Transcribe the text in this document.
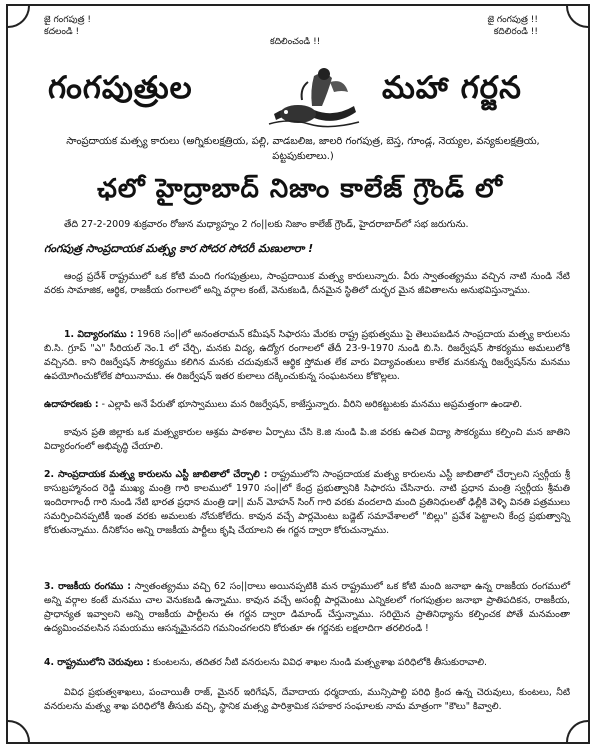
జై గంగపుత్ర !
కదలండి !
కదిలించండి !!
జై గంగపుత్ర !!
కదిలిరండి !!
గంగపుత్రుల	మహా గర్జన
సాంప్రదాయక మత్స్య కారులు (అగ్నికులక్షత్రియ, పల్లి, వాడబలిజ, జాలరి గంగపుత్ర, బెస్త, గూండ్ల, నెయ్యల, వన్యకులక్షత్రియ, పట్టపుకులాలు.)
ఛలో హైద్రాబాద్ నిజాం కాలేజ్ గ్రౌండ్ లో
తేది 27-2-2009 శుక్రవారం రోజున మధ్యాహ్నం 2 గం||లకు నిజాం కాలేజ్ గ్రౌండ్, హైదరాబాద్‌లో సభ జరుగును.
గంగపుత్ర సాంప్రదాయక మత్స్య కార సోదర సోదరీ మణులారా !
ఆంధ్ర ప్రదేశ్ రాష్ట్రములో ఒక కోటి మంది గంగపుత్రులు, సాంప్రదాయిక మత్స్య కారులున్నారు. వీరు స్వాతంత్య్రము వచ్చిన నాటి నుండి నేటి వరకు సామాజిక, ఆర్థిక, రాజకీయ రంగాలలో అన్ని వర్గాల కంటే, వెనుకబడి, దీనమైన స్థితిలో దుర్భర మైన జీవితాలను అనుభవిస్తున్నాము.
1. విద్యారంగము : 1968 సం||లో అనంతరామన్ కమీషన్ సిఫారసు మేరకు రాష్ట్ర ప్రభుత్వము పై తెలుపబడిన సాంప్రదాయ మత్స్య కారులను బి.సి. గ్రూప్ "ఎ" సీరియల్ నెం.1 లో చేర్చి, మనకు విద్య, ఉద్యోగ రంగాలలో తేదీ 23-9-1970 నుండి బి.సి. రిజర్వేషన్ సౌకర్యము అమలులోకి వచ్చినది. కాని రిజర్వేషన్ సౌకర్యము కలిగిన మనకు చదువుకునే ఆర్థిక స్తోమత లేక వారు విద్యావంతులు కాలేక మనకున్న రిజర్వేషన్‌ను మనము ఉపయోగించుకోలేక పోయినాము. ఈ రిజర్వేషన్ ఇతర కులాలు దక్కించుకున్న సంఘటనలు కోకొల్లలు.
ఉదాహరణకు : - ఎల్లాపి అనే పేరుతో భూస్వాములు మన రిజర్వేషన్, కాజేస్తున్నారు. వీరిని అరికట్టుటకు మనము అప్రమత్తంగా ఉండాలి.
కావున ప్రతి జిల్లాకు ఒక మత్స్యకారుల ఆశ్రమ పాఠశాల ఏర్పాటు చేసి కె.జి నుండి పి.జి వరకు ఉచిత విద్యా సౌకర్యము కల్పించి మన జాతిని విద్యారంగంలో అభివృద్ధి చేయాలి.
2. సాంప్రదాయక మత్స్య కారులను ఎస్టీ జాబితాలో చేర్చాలి : రాష్ట్రములోని సాంప్రదాయక మత్స్య కారులను ఎస్టీ జాబితాలో చేర్చాలని స్వర్గీయ శ్రీ కాసుబ్రహ్మానంద రెడ్డి ముఖ్య మంత్రి గారి కాలములో 1970 సం||లో కేంద్ర ప్రభుత్వానికి సిఫారసు చేసినారు. నాటి ప్రధాన మంత్రి స్వర్గీయ శ్రీమతి ఇందిరాగాంధీ గారి నుండి నేటి భారత ప్రధాన మంత్రి డా|| మన్ మోహన్ సింగ్ గారి వరకు వందలాది మంది ప్రతినిధులతో ఢిల్లీకి వెళ్ళి వినతి పత్రములు సమర్పించినప్పటికీ ఇంత వరకు అమలుకు నోచుకోలేదు. కావున వచ్చే పార్లమెంటు బడ్జెట్ సమావేశాలలో "బిల్లు" ప్రవేశ పెట్టాలని కేంద్ర ప్రభుత్వాన్ని కోరుతున్నాము. దీనికోసం అన్ని రాజకీయ పార్టీలు కృషి చేయాలని ఈ గర్జన ద్వారా కోరుచున్నాము.
3. రాజకీయ రంగము : స్వాతంత్య్రము వచ్చి 62 సం||రాలు అయినప్పటికి మన రాష్ట్రములో ఒక కోటి మంది జనాభా ఉన్న రాజకీయ రంగములో అన్ని వర్గాల కంటే మనము చాల వెనుకబడి ఉన్నాము. కావున వచ్చే అసంబ్లీ పార్లమెంటు ఎన్నికలలో గంగపుత్రుల జనాభా ప్రాతిపదికన, రాజకీయ, ప్రాధాన్యత ఇవ్వాలని అన్ని రాజకీయ పార్టీలను ఈ గర్జన ద్వారా డిమాండ్ చేస్తున్నాము. సరియైన ప్రాతినిధ్యాను కల్పించక పోతే మనమంతా ఉద్యమించవలసిన సమయము ఆసన్నమైనదని గమనించగలరని కోరుతూ ఈ గర్జనకు లక్షలాదిగా తరలిరండి !
4. రాష్ట్రములోని చెరువులు : కుంటలను, తదితర నీటి వనరులను వివిధ శాఖల నుండి మత్స్యశాఖ పరిధిలోకి తీసుకురావాలి.
వివిధ ప్రభుత్వశాఖలు, పంచాయితీ రాజ్, మైనర్ ఇరిగేషన్, దేవాదాయ ధర్మదాయ, మున్సిపాల్టి పరిధి క్రింద ఉన్న చెరువులు, కుంటలు, నీటి వనరులను మత్స్య శాఖ పరిధిలోకి తీసుకు వచ్చి, స్థానిక మత్స్య పారిశ్రామిక సహకార సంఘాలకు నామ మాత్రంగా "కౌలు" కివ్వాలి.
